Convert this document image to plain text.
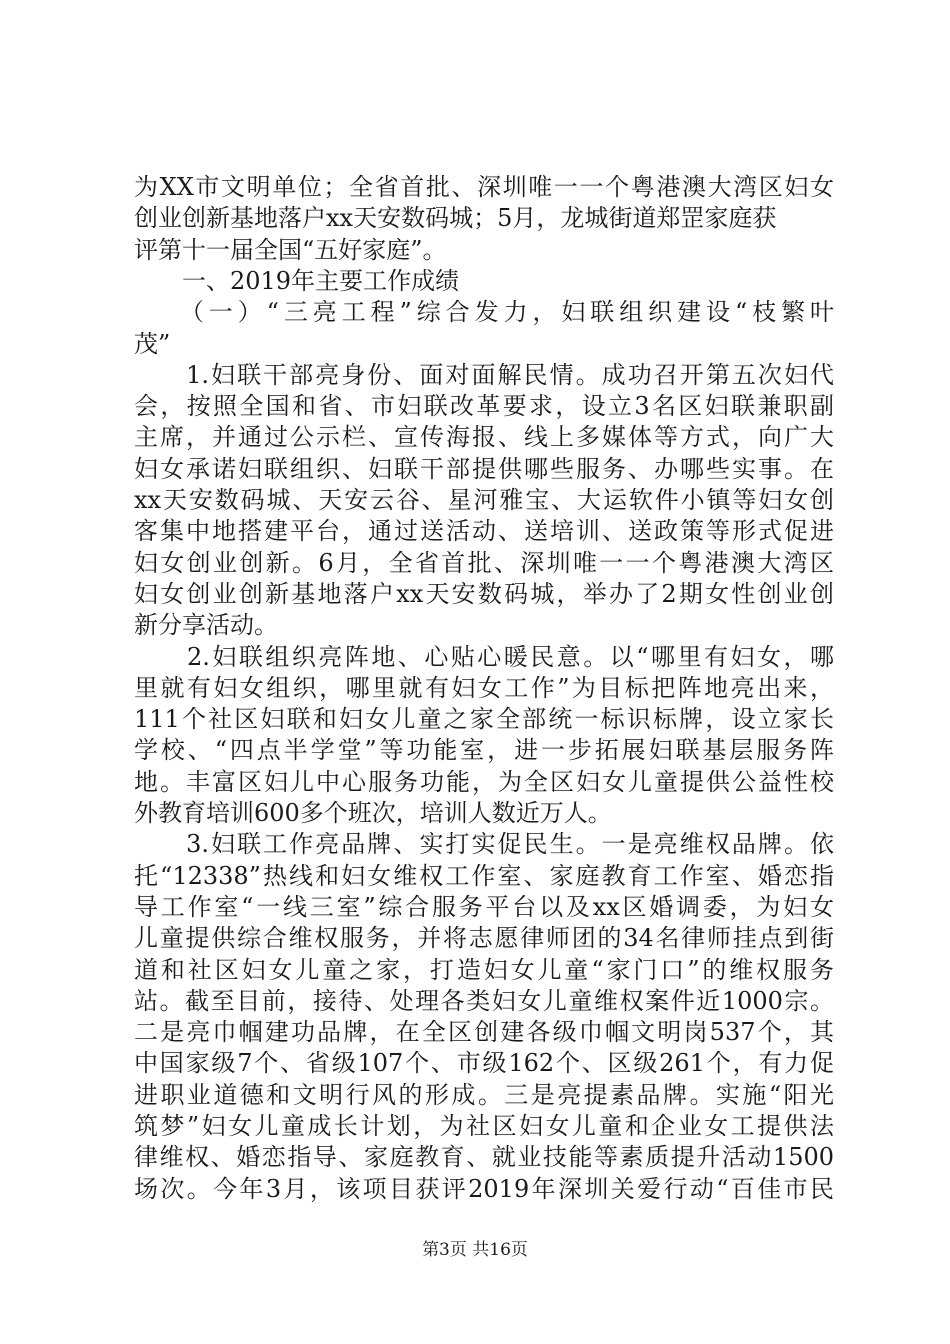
为XX市文明单位；全省首批、深圳唯一一个粤港澳大湾区妇女
创业创新基地落户xx天安数码城；5月，龙城街道郑罡家庭获
评第十一届全国“五好家庭”。
　　一、2019年主要工作成绩
　　（一）“三亮工程”综合发力，妇联组织建设“枝繁叶
茂”
　　1.妇联干部亮身份、面对面解民情。成功召开第五次妇代
会，按照全国和省、市妇联改革要求，设立3名区妇联兼职副
主席，并通过公示栏、宣传海报、线上多媒体等方式，向广大
妇女承诺妇联组织、妇联干部提供哪些服务、办哪些实事。在
xx天安数码城、天安云谷、星河雅宝、大运软件小镇等妇女创
客集中地搭建平台，通过送活动、送培训、送政策等形式促进
妇女创业创新。6月，全省首批、深圳唯一一个粤港澳大湾区
妇女创业创新基地落户xx天安数码城，举办了2期女性创业创
新分享活动。
　　2.妇联组织亮阵地、心贴心暖民意。以“哪里有妇女，哪
里就有妇女组织，哪里就有妇女工作”为目标把阵地亮出来，
111个社区妇联和妇女儿童之家全部统一标识标牌，设立家长
学校、“四点半学堂”等功能室，进一步拓展妇联基层服务阵
地。丰富区妇儿中心服务功能，为全区妇女儿童提供公益性校
外教育培训600多个班次，培训人数近万人。
　　3.妇联工作亮品牌、实打实促民生。一是亮维权品牌。依
托“12338”热线和妇女维权工作室、家庭教育工作室、婚恋指
导工作室“一线三室”综合服务平台以及xx区婚调委，为妇女
儿童提供综合维权服务，并将志愿律师团的34名律师挂点到街
道和社区妇女儿童之家，打造妇女儿童“家门口”的维权服务
站。截至目前，接待、处理各类妇女儿童维权案件近1000宗。
二是亮巾帼建功品牌，在全区创建各级巾帼文明岗537个，其
中国家级7个、省级107个、市级162个、区级261个，有力促
进职业道德和文明行风的形成。三是亮提素品牌。实施“阳光
筑梦”妇女儿童成长计划，为社区妇女儿童和企业女工提供法
律维权、婚恋指导、家庭教育、就业技能等素质提升活动1500
场次。今年3月，该项目获评2019年深圳关爱行动“百佳市民
第3页 共16页
